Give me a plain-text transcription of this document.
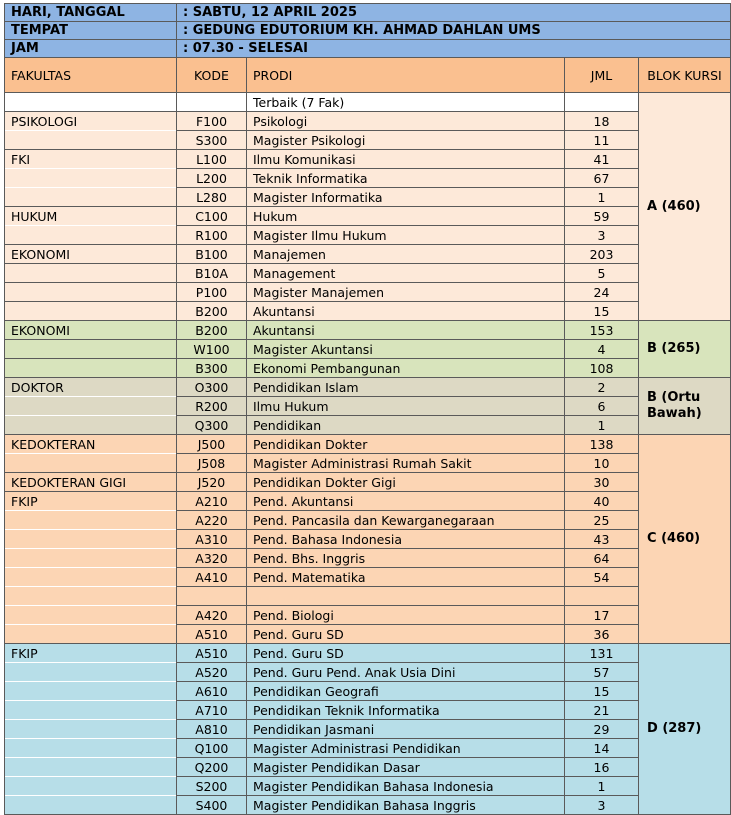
HARI, TANGGAL	: SABTU, 12 APRIL 2025			
TEMPAT	: GEDUNG EDUTORIUM KH. AHMAD DAHLAN UMS			
JAM	: 07.30 - SELESAI			
FAKULTAS	KODE	PRODI	JML	BLOK KURSI
		Terbaik (7 Fak)		A (460)
PSIKOLOGI	F100	Psikologi	18	
	S300	Magister Psikologi	11	
FKI	L100	Ilmu Komunikasi	41	
	L200	Teknik Informatika	67	
	L280	Magister Informatika	1	
HUKUM	C100	Hukum	59	
	R100	Magister Ilmu Hukum	3	
EKONOMI	B100	Manajemen	203	
	B10A	Management	5	
	P100	Magister Manajemen	24	
	B200	Akuntansi	15	
EKONOMI	B200	Akuntansi	153	B (265)
	W100	Magister Akuntansi	4	
	B300	Ekonomi Pembangunan	108	
DOKTOR	O300	Pendidikan Islam	2	B (Ortu Bawah)
	R200	Ilmu Hukum	6	
	Q300	Pendidikan	1	
KEDOKTERAN	J500	Pendidikan Dokter	138	C (460)
	J508	Magister Administrasi Rumah Sakit	10	
KEDOKTERAN GIGI	J520	Pendidikan Dokter Gigi	30	
FKIP	A210	Pend. Akuntansi	40	
	A220	Pend. Pancasila dan Kewarganegaraan	25	
	A310	Pend. Bahasa Indonesia	43	
	A320	Pend. Bhs. Inggris	64	
	A410	Pend. Matematika	54	

	A420	Pend. Biologi	17	
	A510	Pend. Guru SD	36	
FKIP	A510	Pend. Guru SD	131	D (287)
	A520	Pend. Guru Pend. Anak Usia Dini	57	
	A610	Pendidikan Geografi	15	
	A710	Pendidikan Teknik Informatika	21	
	A810	Pendidikan Jasmani	29	
	Q100	Magister Administrasi Pendidikan	14	
	Q200	Magister Pendidikan Dasar	16	
	S200	Magister Pendidikan Bahasa Indonesia	1	
	S400	Magister Pendidikan Bahasa Inggris	3	
